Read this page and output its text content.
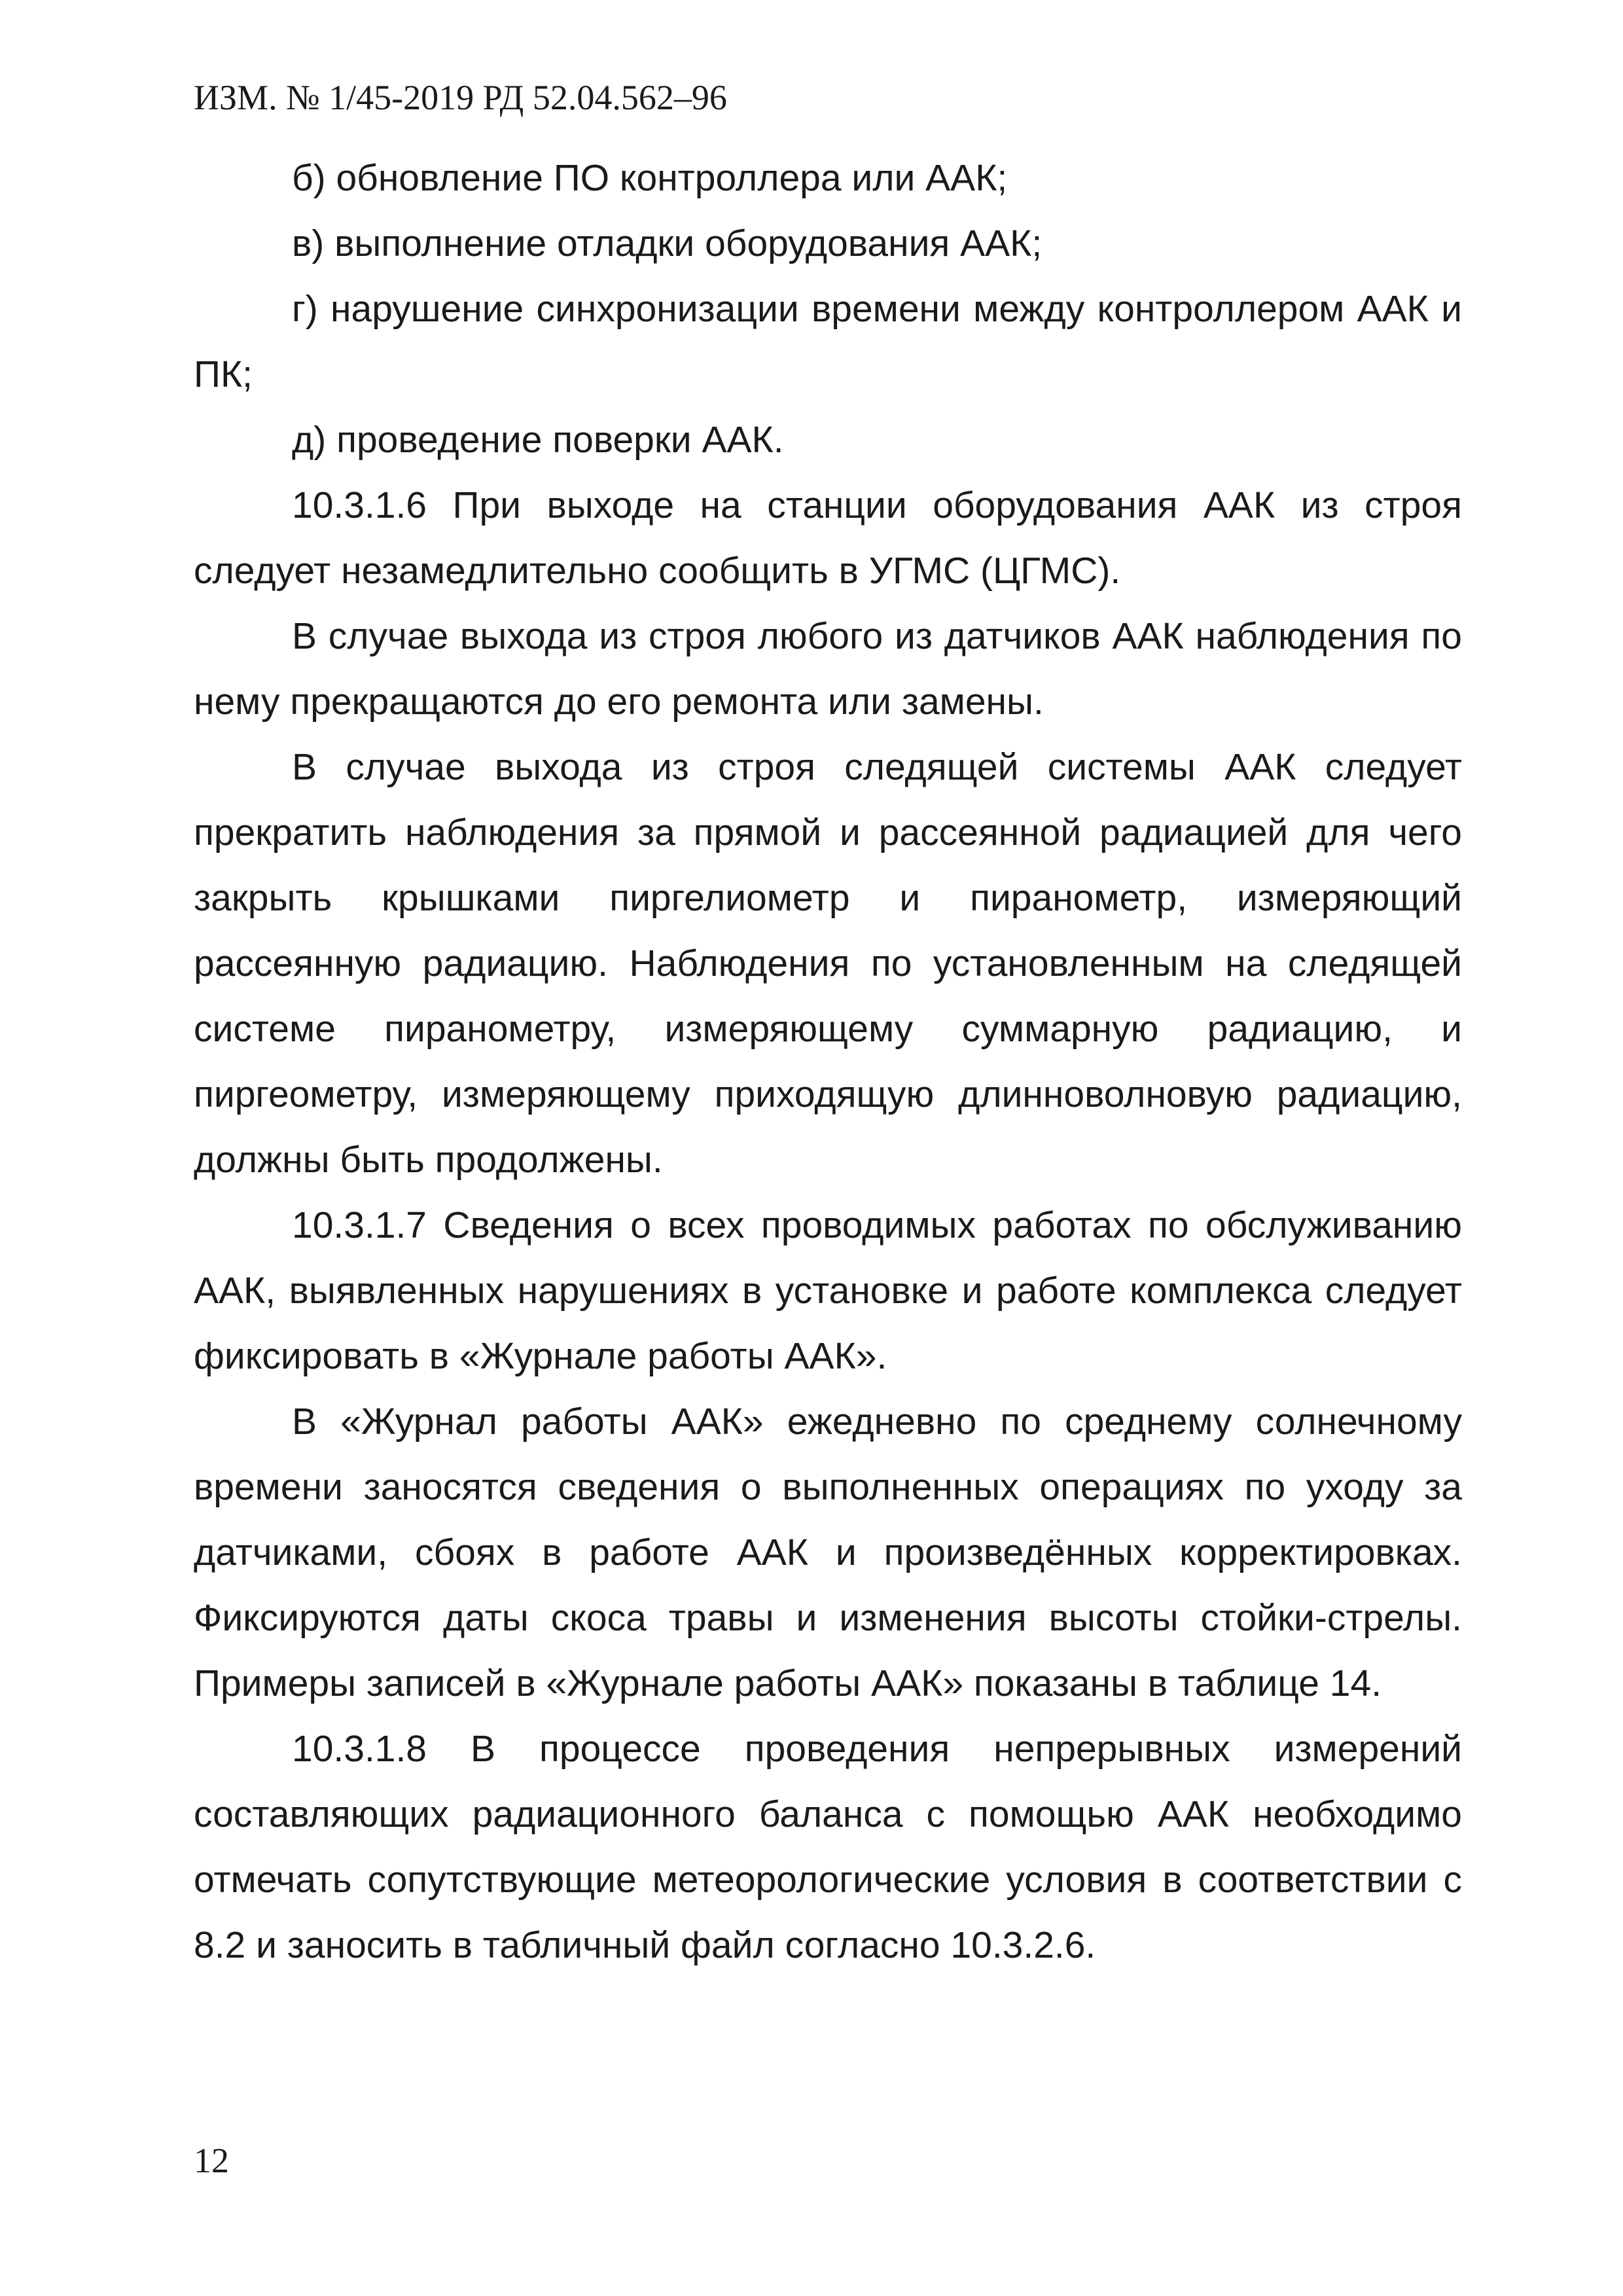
ИЗМ. № 1/45-2019 РД 52.04.562–96

б) обновление ПО контроллера или ААК;

в) выполнение отладки оборудования ААК;

г) нарушение синхронизации времени между контроллером ААК и ПК;

д) проведение поверки ААК.

10.3.1.6 При выходе на станции оборудования ААК из строя следует незамедлительно сообщить в УГМС (ЦГМС).

В случае выхода из строя любого из датчиков ААК наблюдения по нему прекращаются до его ремонта или замены.

В случае выхода из строя следящей системы ААК следует прекратить наблюдения за прямой и рассеянной радиацией для чего закрыть крышками пиргелиометр и пиранометр, измеряющий рассеянную радиацию. Наблюдения по установленным на следящей системе пиранометру, измеряющему суммарную радиацию, и пиргеометру, измеряющему приходящую длинноволновую радиацию, должны быть продолжены.

10.3.1.7 Сведения о всех проводимых работах по обслуживанию ААК, выявленных нарушениях в установке и работе комплекса следует фиксировать в «Журнале работы ААК».

В «Журнал работы ААК» ежедневно по среднему солнечному времени заносятся сведения о выполненных операциях по уходу за датчиками, сбоях в работе ААК и произведённых корректировках. Фиксируются даты скоса травы и изменения высоты стойки-стрелы. Примеры записей в «Журнале работы ААК» показаны в таблице 14.

10.3.1.8 В процессе проведения непрерывных измерений составляющих радиационного баланса с помощью ААК необходимо отмечать сопутствующие метеорологические условия в соответствии с 8.2 и заносить в табличный файл согласно 10.3.2.6.

12
